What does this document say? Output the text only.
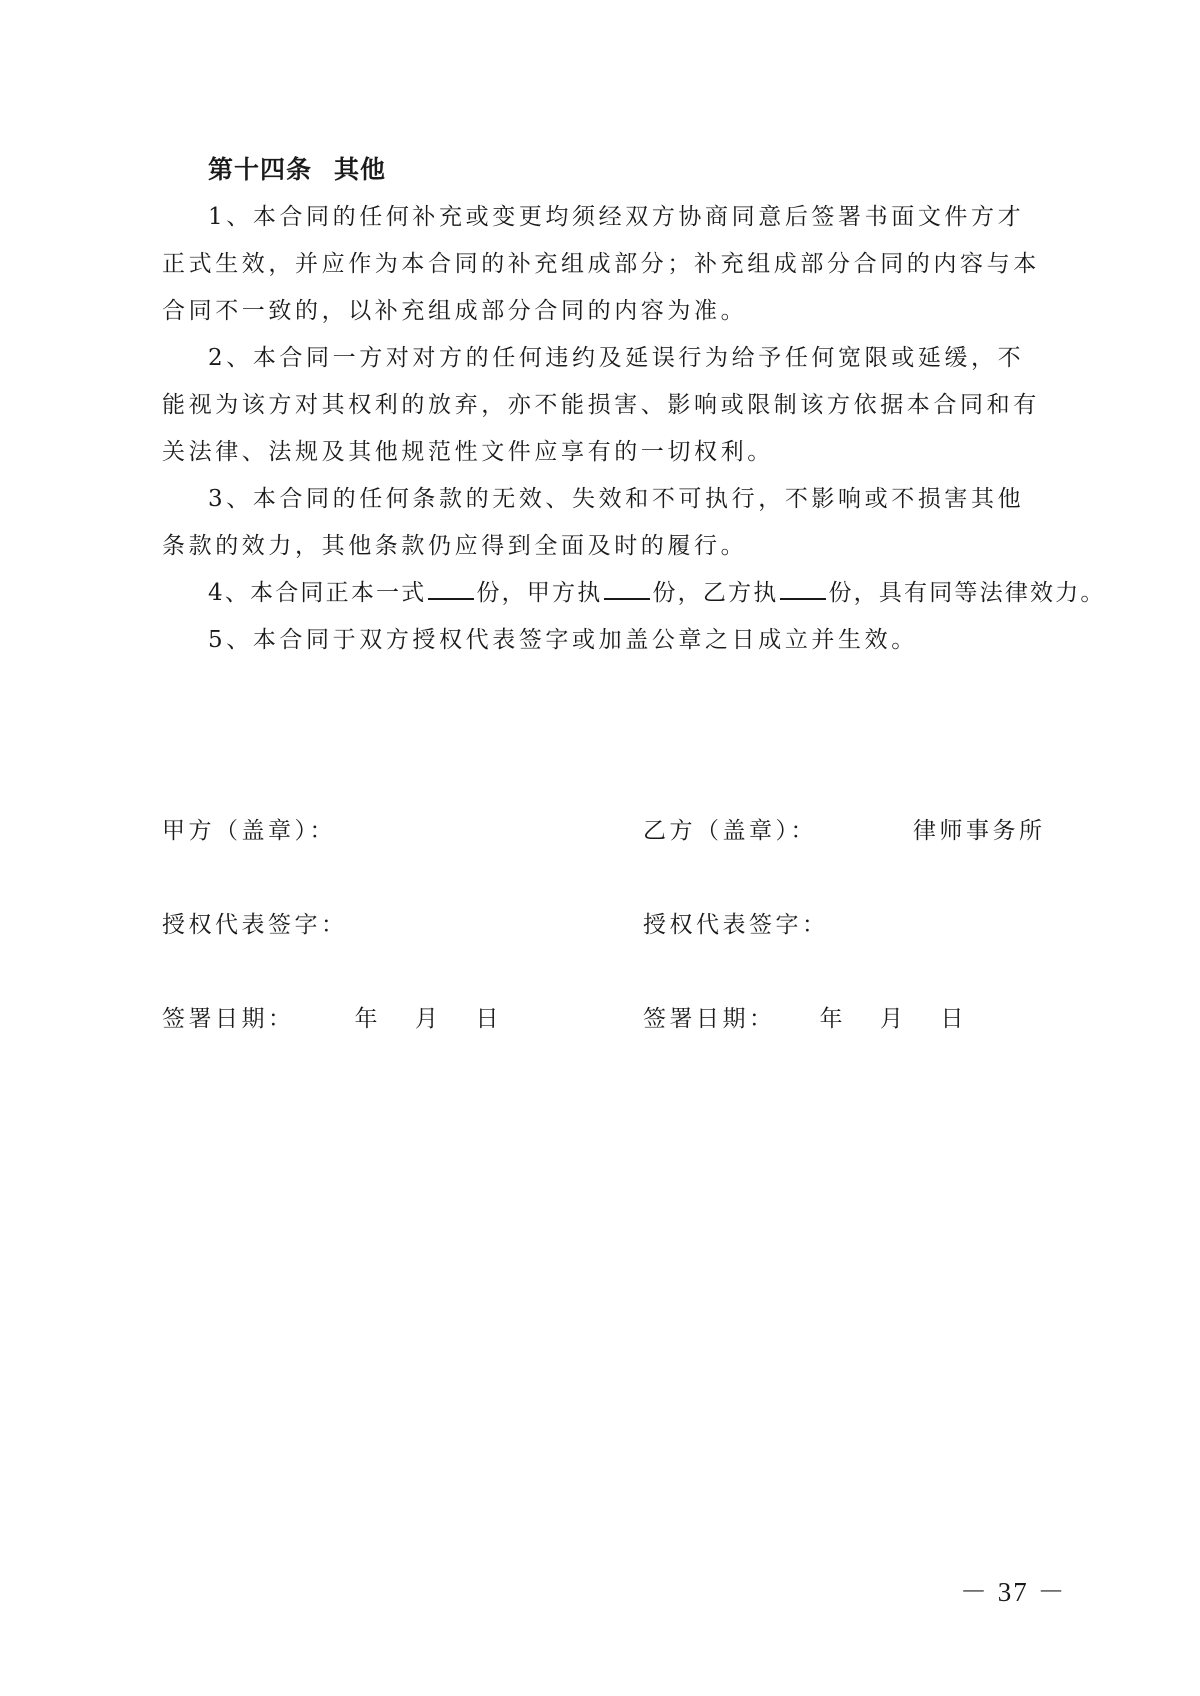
第十四条 其他

1、本合同的任何补充或变更均须经双方协商同意后签署书面文件方才正式生效，并应作为本合同的补充组成部分；补充组成部分合同的内容与本合同不一致的，以补充组成部分合同的内容为准。

2、本合同一方对对方的任何违约及延误行为给予任何宽限或延缓，不能视为该方对其权利的放弃，亦不能损害、影响或限制该方依据本合同和有关法律、法规及其他规范性文件应享有的一切权利。

3、本合同的任何条款的无效、失效和不可执行，不影响或不损害其他条款的效力，其他条款仍应得到全面及时的履行。

4、本合同正本一式 份，甲方执 份，乙方执 份，具有同等法律效力。

5、本合同于双方授权代表签字或加盖公章之日成立并生效。

甲方（盖章）：	乙方（盖章）：	律师事务所
授权代表签字：	授权代表签字：
签署日期：	年 月 日	签署日期： 年 月 日
－ 37 －
